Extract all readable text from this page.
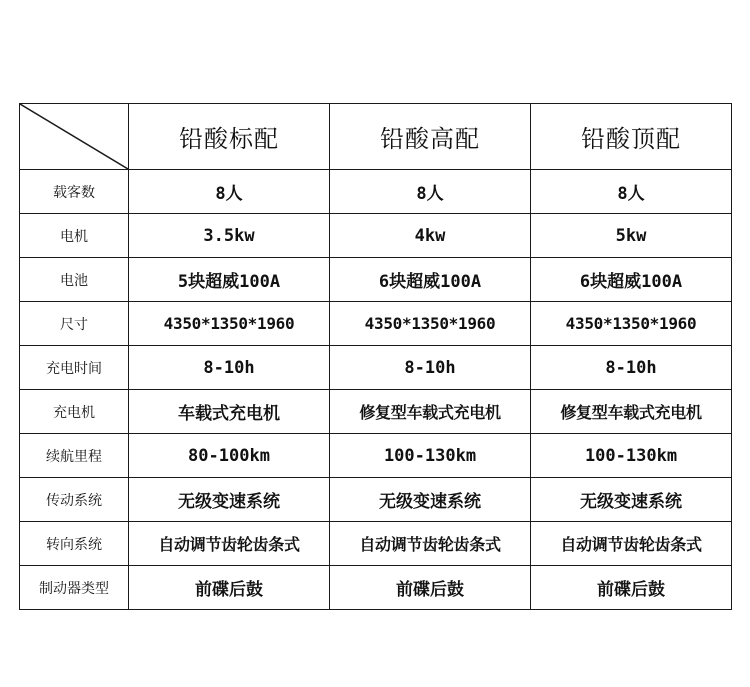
	铅酸标配	铅酸高配	铅酸顶配
载客数	8人	8人	8人
电机	3.5kw	4kw	5kw
电池	5块超威100A	6块超威100A	6块超威100A
尺寸	4350*1350*1960	4350*1350*1960	4350*1350*1960
充电时间	8-10h	8-10h	8-10h
充电机	车载式充电机	修复型车载式充电机	修复型车载式充电机
续航里程	80-100km	100-130km	100-130km
传动系统	无级变速系统	无级变速系统	无级变速系统
转向系统	自动调节齿轮齿条式	自动调节齿轮齿条式	自动调节齿轮齿条式
制动器类型	前碟后鼓	前碟后鼓	前碟后鼓
